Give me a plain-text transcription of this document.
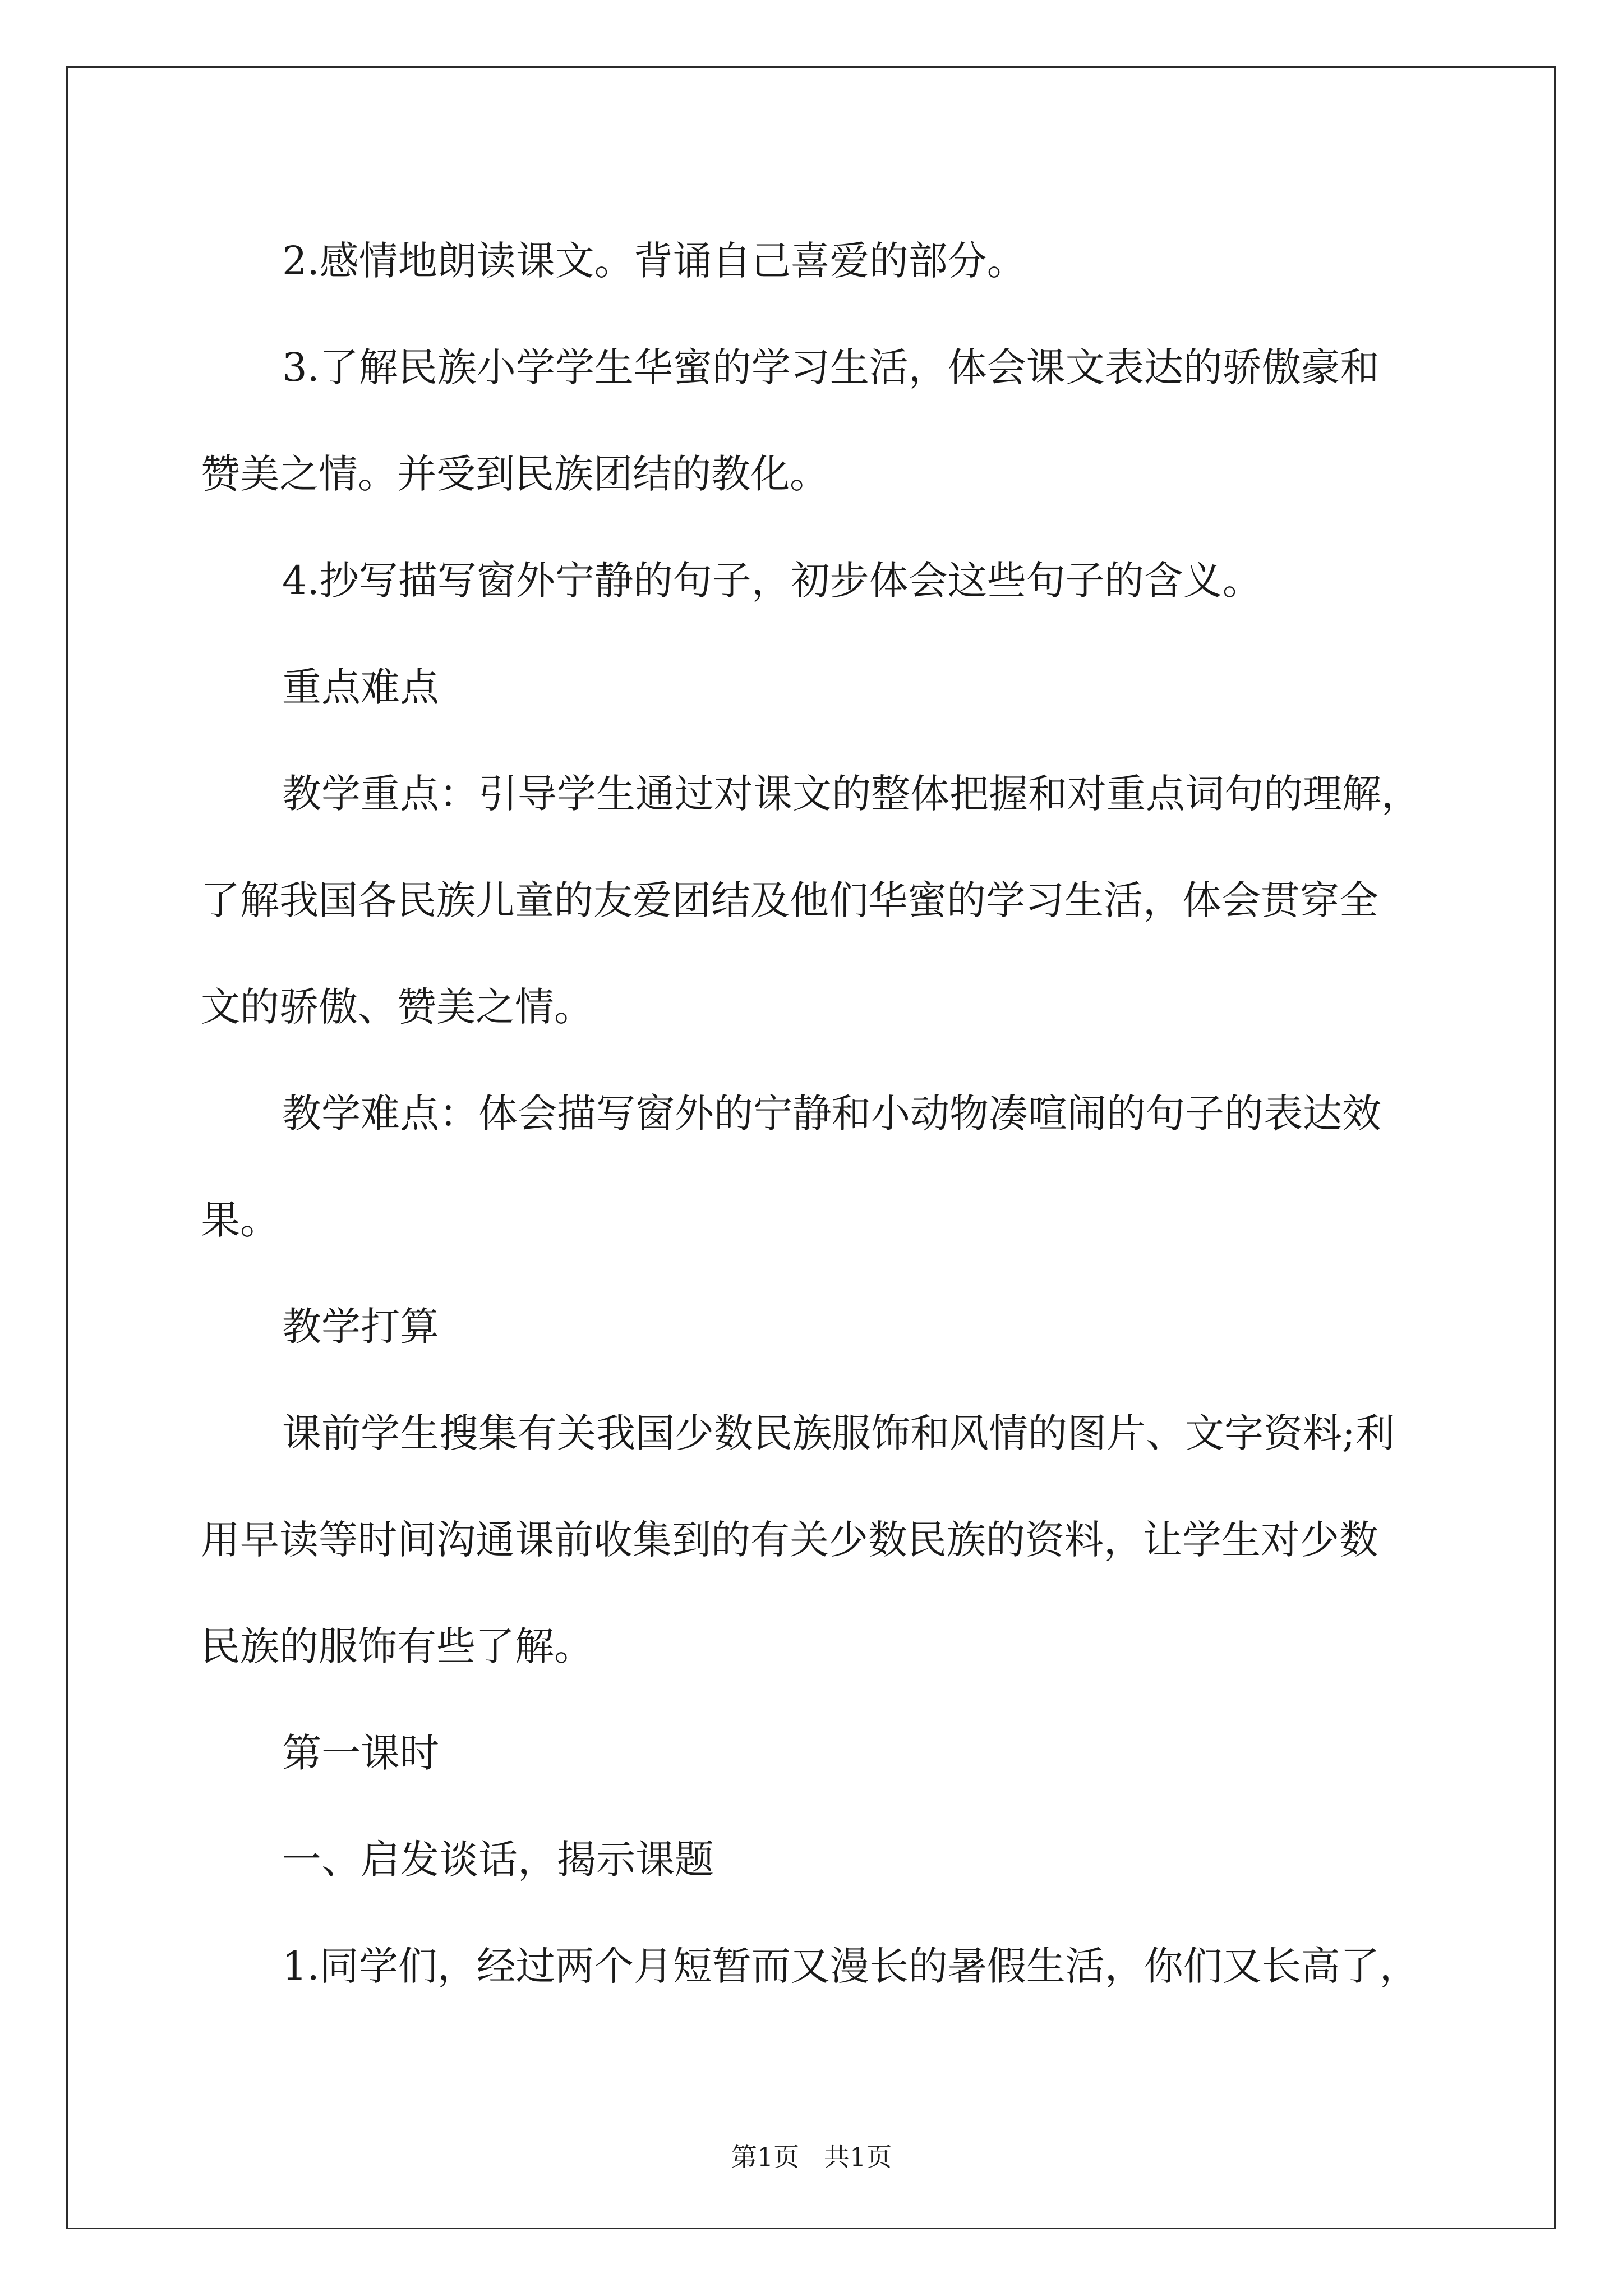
2.感情地朗读课文。背诵自己喜爱的部分。

3.了解民族小学学生华蜜的学习生活，体会课文表达的骄傲豪和

赞美之情。并受到民族团结的教化。

4.抄写描写窗外宁静的句子，初步体会这些句子的含义。

重点难点

教学重点：引导学生通过对课文的整体把握和对重点词句的理解，

了解我国各民族儿童的友爱团结及他们华蜜的学习生活，体会贯穿全

文的骄傲、赞美之情。

教学难点：体会描写窗外的宁静和小动物凑喧闹的句子的表达效

果。

教学打算

课前学生搜集有关我国少数民族服饰和风情的图片、文字资料;利

用早读等时间沟通课前收集到的有关少数民族的资料，让学生对少数

民族的服饰有些了解。

第一课时

一、启发谈话，揭示课题

1.同学们，经过两个月短暂而又漫长的暑假生活，你们又长高了，

第1页 共1页
